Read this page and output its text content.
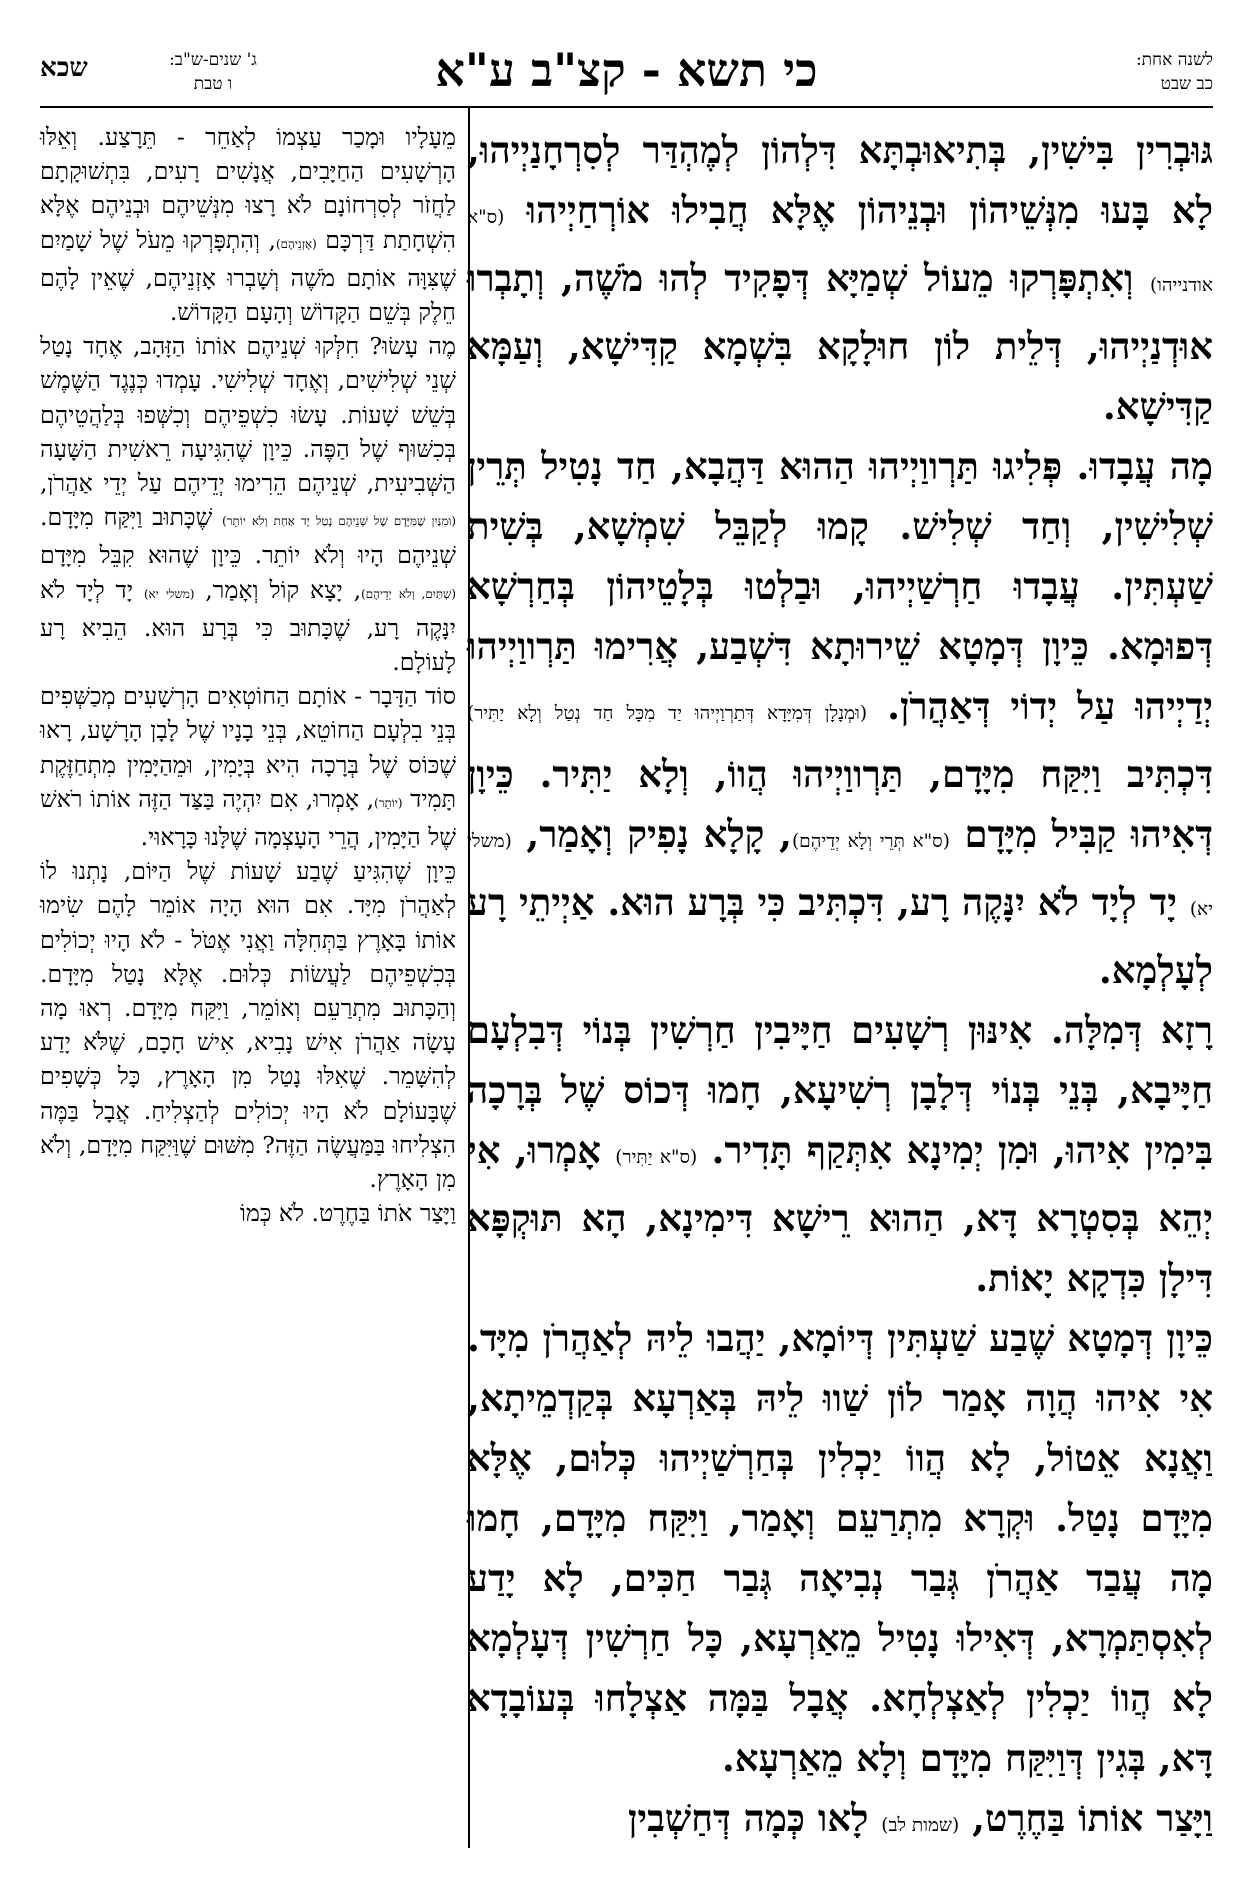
לשנה אחת:
כב שבט
כי תשא - קצ"ב ע"א
ג' שנים-ש"ב:
ו טבת
שכא

גּוּבְרִין בִּישִׁין, בְּתִיאוּבְתָּא דִּלְהוֹן לְמֶהְדַּר לְסִרְחָנַיְיהוּ, לָא בָּעוּ מִנְּשֵׁיהוֹן וּבְנֵיהוֹן אֶלָּא חֲבִילוּ אוֹרְחַיְיהוּ (ס"א אודנייהו) וְאִתְפָּרְקוּ מֵעוֹל שְׁמַיָּא דְּפָקִיד לְהוּ מֹשֶׁה, וְתָבְרוּ אוּדְנַיְיהוּ, דְּלֵית לוֹן חוּלָקָא בִּשְׁמָא קַדִּישָׁא, וְעַמָּא קַדִּישָׁא.

מָה עֲבָדוּ. פְּלִיגוּ תַּרְווַיְיהוּ הַהוּא דַּהֲבָא, חַד נָטִיל תְּרֵין שְׁלִישִׁין, וְחַד שְׁלִישׁ. קָמוּ לְקַבֵּל שִׁמְשָׁא, בְּשִׁית שַׁעְתִּין. עֲבָדוּ חַרְשַׁיְיהוּ, וּבַלְטוּ בְּלָטֵיהוֹן בְּחַרְשָׁא דְּפוּמָא. כֵּיוָן דְּמָטָא שֵׁירוּתָא דִּשְׁבַע, אֲרִימוּ תַּרְווַיְיהוּ יְדַיְיהוּ עַל יְדוֹי דְּאַהֲרֹן. (וּמְנָלָן דְּמִיָּדָא דְּתַרְוַיְיהוּ יַד מִכָּל חַד נְטַל וְלָא יַתִּיר) דִּכְתִּיב וַיִּקַּח מִיָּדָם, תַּרְווַיְיהוּ הֲווֹ, וְלָא יַתִּיר. כֵּיוָן דְּאִיהוּ קַבִּיל מִיָּדָם (ס"א תְּרֵי וְלָא יְדֵיהֶם), קָלָא נָפִיק וְאָמַר, (משלי יא) יָד לְיָד לֹא יִנָּקֶה רָע, דִּכְתִּיב כִּי בְּרָע הוּא. אַיְיתֵי רָע לְעָלְמָא.

רָזָא דְּמִלָּה. אִינּוּן רְשָׁעִים חַיָּיבִין חַרְשִׁין בְּנוֹי דְּבִלְעָם חַיָּיבָא, בְּנֵי בְּנוֹי דְּלָבָן רְשִׁיעָא, חָמוּ דְּכוֹס שֶׁל בְּרָכָה בִּימִין אִיהוּ, וּמִן יְמִינָא אִתְּקַף תָּדִיר. (ס"א יַתִּיר) אָמְרוּ, אִי יְהֵא בְּסִטְרָא דָּא, הַהוּא רֵישָׁא דִּימִינָא, הָא תּוּקְפָּא דִּילָן כִּדְקָא יָאוֹת.

כֵּיוָן דְּמָטָא שֶׁבַע שַׁעְתִּין דְּיוֹמָא, יַהֲבוּ לֵיהּ לְאַהֲרֹן מִיָּד. אִי אִיהוּ הֲוָה אָמַר לוֹן שַׁווּ לֵיהּ בְּאַרְעָא בְּקַדְמֵיתָא, וַאֲנָא אֵטוֹל, לָא הֲווֹ יַכְלִין בְּחַרְשַׁיְיהוּ כְּלוּם, אֶלָּא מִיָּדָם נָטַל. וּקְרָא מִתְרַעֵם וְאָמַר, וַיִּקַּח מִיָּדָם, חָמוּ מָה עֲבַד אַהֲרֹן גְּבַר נְבִיאָה גְּבַר חַכִּים, לָא יָדַע לְאִסְתַּמְרָא, דְּאִילוּ נָטִיל מֵאַרְעָא, כָּל חַרְשִׁין דְּעָלְמָא לָא הֲווֹ יַכְלִין לְאַצְלְחָא. אֲבָל בַּמָּה אַצְלָחוּ בְּעוֹבָדָא דָּא, בְּגִין דְּוַיִּקַּח מִיָּדָם וְלָא מֵאַרְעָא.

וַיָּצַר אוֹתוֹ בַּחֶרֶט, (שמות לב) לָאו כְּמָה דְּחַשְׁבִין

מֵעָלָיו וּמָכַר עַצְמוֹ לְאַחֵר - תֵּרָצַע. וְאֵלּוּ הָרְשָׁעִים הַחַיָּבִים, אֲנָשִׁים רָעִים, בִּתְשׁוּקָתָם לַחֲזֹר לְסִרְחוֹנָם לֹא רָצוּ מִנְּשֵׁיהֶם וּבְנֵיהֶם אֶלָּא הִשְׁחָתַת דַּרְכָּם (אָזְנֵיהֶם), וְהִתְפָּרְקוּ מֵעֹל שֶׁל שָׁמַיִם שֶׁצִּוָּה אוֹתָם מֹשֶׁה וְשָׁבְרוּ אָזְנֵיהֶם, שֶׁאֵין לָהֶם חֵלֶק בְּשֵׁם הַקָּדוֹשׁ וְהָעָם הַקָּדוֹשׁ.

מֶה עָשׂוּ? חִלְּקוּ שְׁנֵיהֶם אוֹתוֹ הַזָּהָב, אֶחָד נָטַל שְׁנֵי שְׁלִישִׁים, וְאֶחָד שְׁלִישִׁי. עָמְדוּ כְּנֶגֶד הַשֶּׁמֶשׁ בְּשֵׁשׁ שָׁעוֹת. עָשׂוּ כִשְׁפֵיהֶם וְכִשְּׁפוּ בְּלַהֲטֵיהֶם בְּכִשּׁוּף שֶׁל הַפֶּה. כֵּיוָן שֶׁהִגִּיעָה רֵאשִׁית הַשָּׁעָה הַשְּׁבִיעִית, שְׁנֵיהֶם הֵרִימוּ יְדֵיהֶם עַל יְדֵי אַהֲרֹן, (וּמִנַּיִן שֶׁמִּיָּדָם שֶׁל שְׁנֵיהֶם נָטַל יָד אַחַת וְלֹא יוֹתֵר) שֶׁכָּתוּב וַיִּקַּח מִיָּדָם. שְׁנֵיהֶם הָיוּ וְלֹא יוֹתֵר. כֵּיוָן שֶׁהוּא קִבֵּל מִיָּדָם (שְׁתַּיִם, וְלֹא יְדֵיהֶם), יָצָא קוֹל וְאָמַר, (משלי יא) יָד לְיָד לֹא יִנָּקֶה רָע, שֶׁכָּתוּב כִּי בְּרָע הוּא. הֵבִיא רָע לָעוֹלָם.

סוֹד הַדָּבָר - אוֹתָם הַחוֹטְאִים הָרְשָׁעִים מְכַשְּׁפִים בְּנֵי בִלְעָם הַחוֹטֵא, בְּנֵי בָנָיו שֶׁל לָבָן הָרָשָׁע, רָאוּ שֶׁכּוֹס שֶׁל בְּרָכָה הִיא בְּיָמִין, וּמֵהַיָּמִין מִתְחַזֶּקֶת תָּמִיד (יוֹתֵר), אָמְרוּ, אִם יִהְיֶה בַּצַּד הַזֶּה אוֹתוֹ רֹאשׁ שֶׁל הַיָּמִין, הֲרֵי הָעָצְמָה שֶׁלָּנוּ כָּרָאוּי.

כֵּיוָן שֶׁהִגִּיעַ שֶׁבַע שָׁעוֹת שֶׁל הַיּוֹם, נָתְנוּ לוֹ לְאַהֲרֹן מִיָּד. אִם הוּא הָיָה אוֹמֵר לָהֶם שִׂימוּ אוֹתוֹ בָּאָרֶץ בַּתְּחִלָּה וַאֲנִי אֶטֹּל - לֹא הָיוּ יְכוֹלִים בְּכִשְׁפֵיהֶם לַעֲשׂוֹת כְּלוּם. אֶלָּא נָטַל מִיָּדָם. וְהַכָּתוּב מִתְרַעֵם וְאוֹמֵר, וַיִּקַּח מִיָּדָם. רְאוּ מָה עָשָׂה אַהֲרֹן אִישׁ נָבִיא, אִישׁ חָכָם, שֶׁלֹּא יָדַע לְהִשָּׁמֵר. שֶׁאִלּוּ נָטַל מִן הָאָרֶץ, כָּל כְּשָׁפִים שֶׁבָּעוֹלָם לֹא הָיוּ יְכוֹלִים לְהַצְלִיחַ. אֲבָל בַּמֶּה הִצְלִיחוּ בַּמַּעֲשֶׂה הַזֶּה? מִשּׁוּם שֶׁוַּיִּקַּח מִיָּדָם, וְלֹא מִן הָאָרֶץ.

וַיָּצַר אֹתוֹ בַּחֶרֶט. לֹא כְּמוֹ
